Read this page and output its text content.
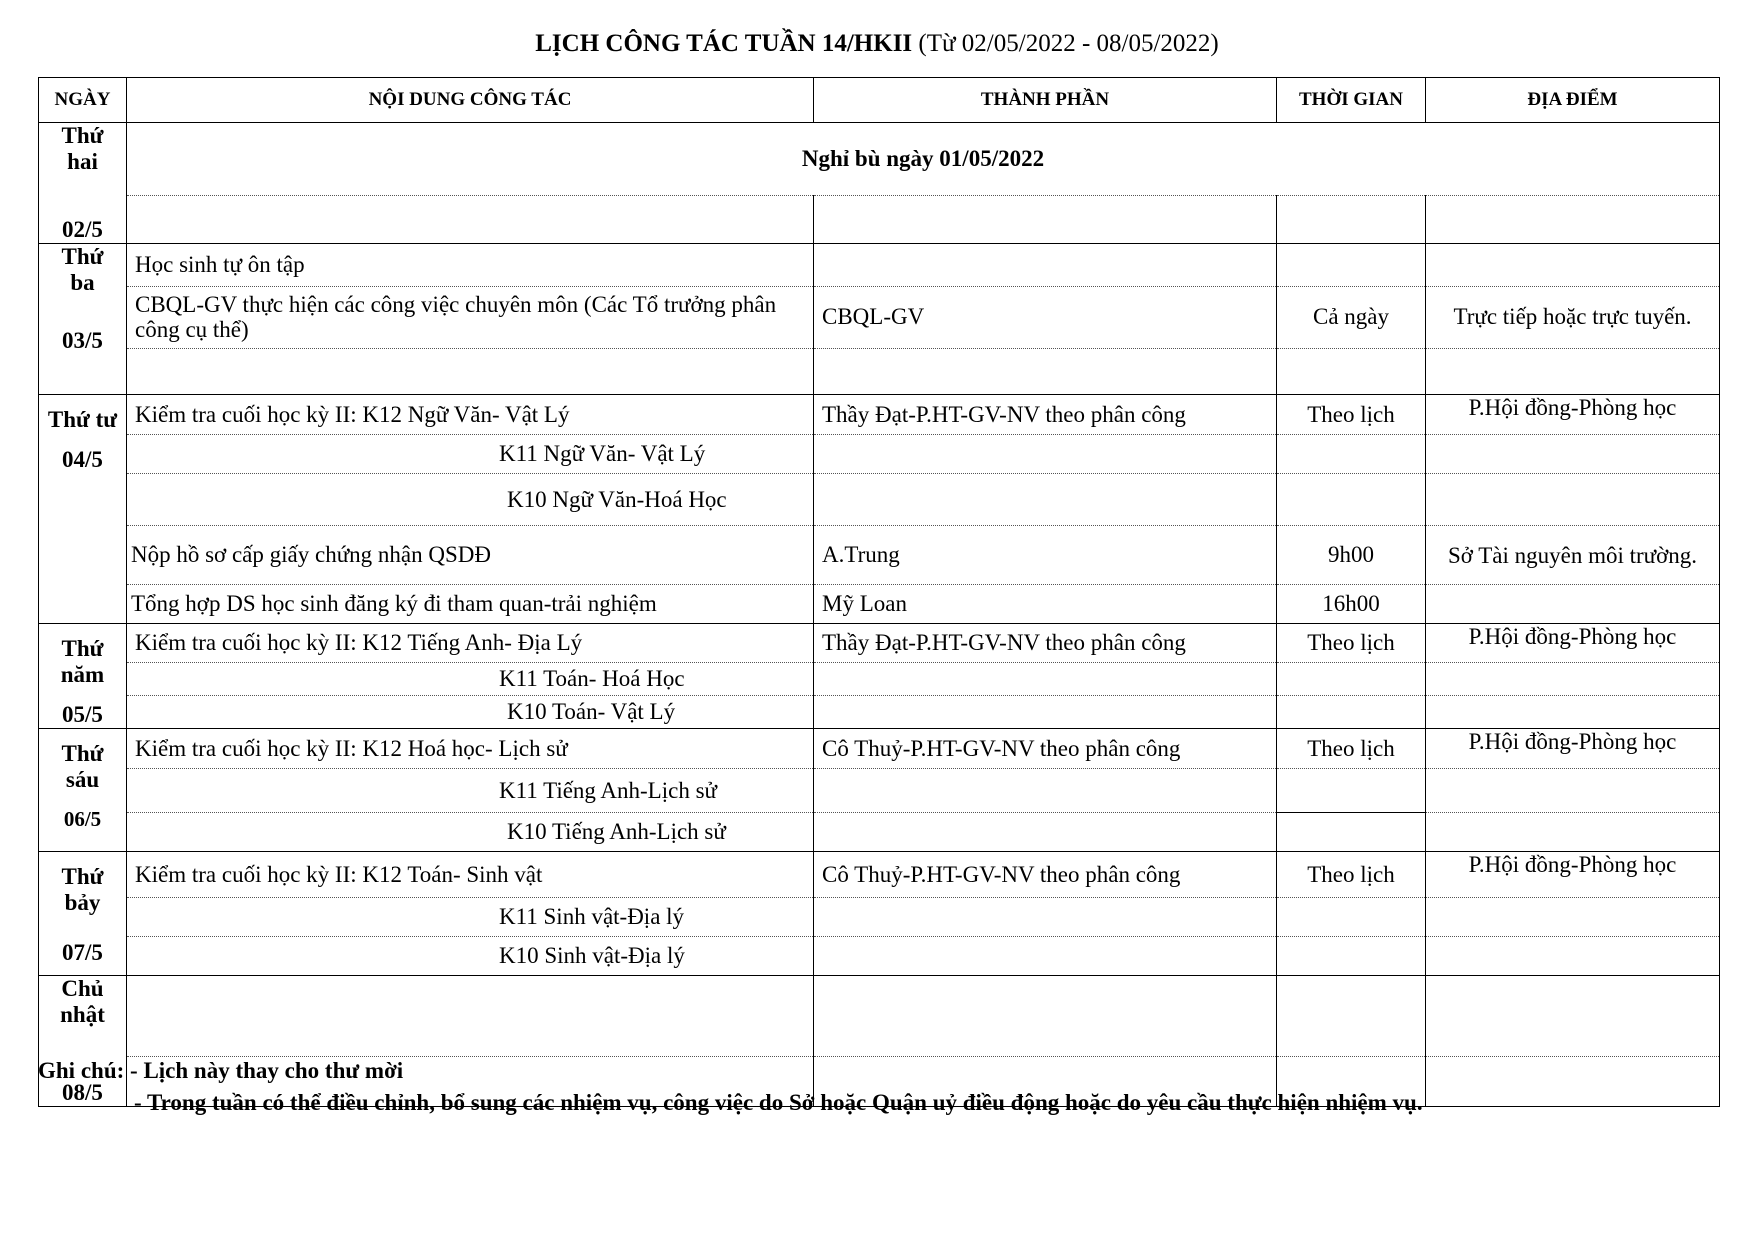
LỊCH CÔNG TÁC TUẦN 14/HKII (Từ 02/05/2022 - 08/05/2022)
NGÀY	NỘI DUNG CÔNG TÁC	THÀNH PHẦN	THỜI GIAN	ĐỊA ĐIỂM

Thứ hai
02/5	Nghỉ bù ngày 01/05/2022			

Thứ ba
03/5	Học sinh tự ôn tập			
	CBQL-GV thực hiện các công việc chuyên môn (Các Tổ trưởng phân công cụ thể)	CBQL-GV	Cả ngày	Trực tiếp hoặc trực tuyến.

Thứ tư
04/5	Kiểm tra cuối học kỳ II: K12 Ngữ Văn- Vật Lý	Thầy Đạt-P.HT-GV-NV theo phân công	Theo lịch	P.Hội đồng-Phòng học
	K11 Ngữ Văn- Vật Lý			
	K10 Ngữ Văn-Hoá Học			
	Nộp hồ sơ cấp giấy chứng nhận QSDĐ	A.Trung	9h00	Sở Tài nguyên môi trường.
	Tổng hợp DS học sinh đăng ký đi tham quan-trải nghiệm	Mỹ Loan	16h00	

Thứ năm
05/5	Kiểm tra cuối học kỳ II: K12 Tiếng Anh- Địa Lý	Thầy Đạt-P.HT-GV-NV theo phân công	Theo lịch	P.Hội đồng-Phòng học
	K11 Toán- Hoá Học			
	K10 Toán- Vật Lý			

Thứ sáu
06/5	Kiểm tra cuối học kỳ II: K12 Hoá học- Lịch sử	Cô Thuỷ-P.HT-GV-NV theo phân công	Theo lịch	P.Hội đồng-Phòng học
	K11 Tiếng Anh-Lịch sử			
	K10 Tiếng Anh-Lịch sử			

Thứ bảy
07/5	Kiểm tra cuối học kỳ II: K12 Toán- Sinh vật	Cô Thuỷ-P.HT-GV-NV theo phân công	Theo lịch	P.Hội đồng-Phòng học
	K11 Sinh vật-Địa lý			
	K10 Sinh vật-Địa lý			

Chủ nhật
08/5				

Ghi chú: - Lịch này thay cho thư mời
- Trong tuần có thể điều chỉnh, bổ sung các nhiệm vụ, công việc do Sở hoặc Quận uỷ điều động hoặc do yêu cầu thực hiện nhiệm vụ.
